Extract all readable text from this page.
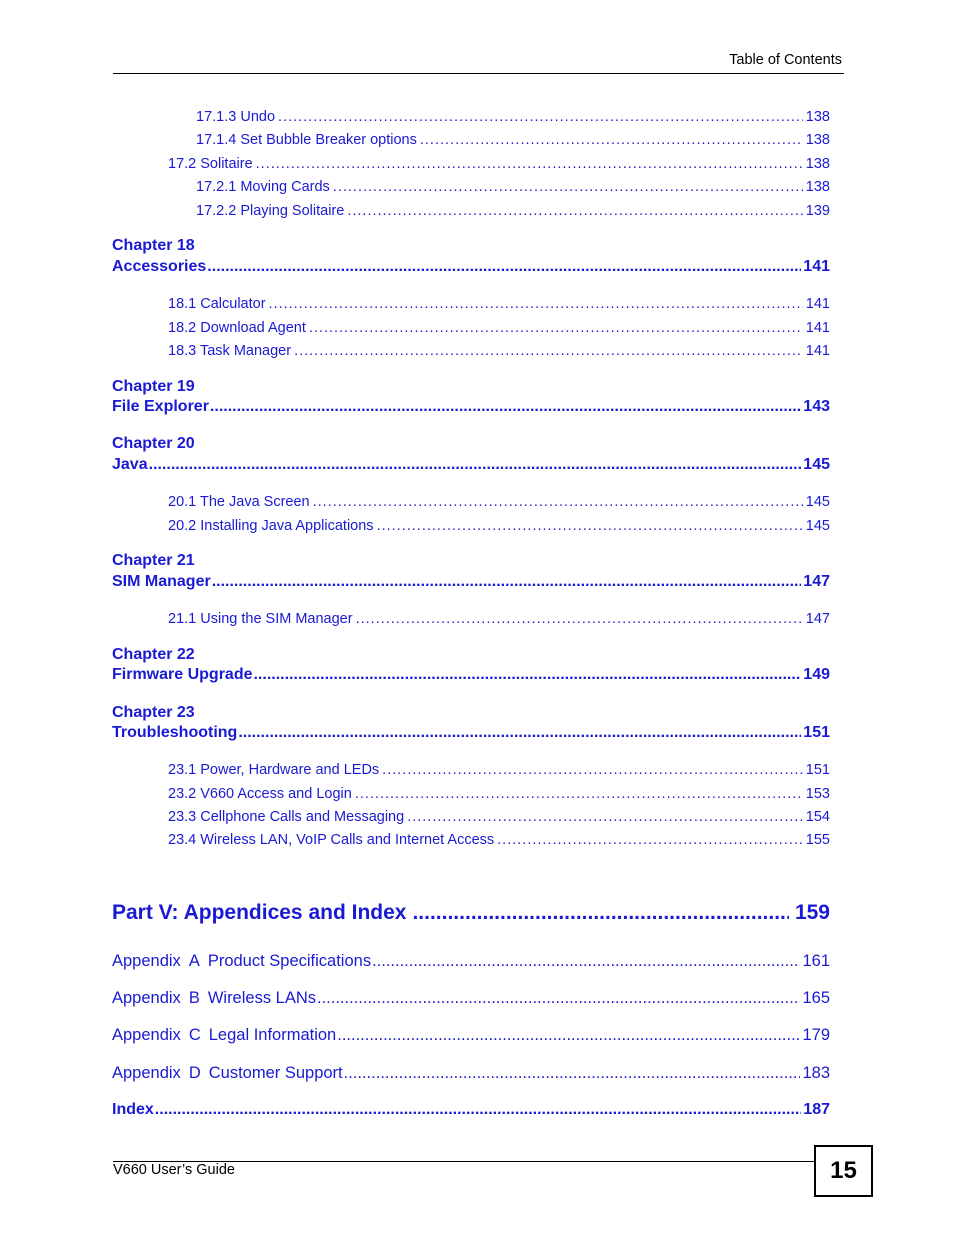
Table of Contents
17.1.3 Undo .....	138
17.1.4 Set Bubble Breaker options .....	138
17.2 Solitaire .....	138
17.2.1 Moving Cards .....	138
17.2.2 Playing Solitaire .....	139
Chapter 18
Accessories .....	141
18.1 Calculator .....	141
18.2 Download Agent .....	141
18.3 Task Manager .....	141
Chapter 19
File Explorer .....	143
Chapter 20
Java .....	145
20.1 The Java Screen .....	145
20.2 Installing Java Applications .....	145
Chapter 21
SIM Manager .....	147
21.1 Using the SIM Manager .....	147
Chapter 22
Firmware Upgrade .....	149
Chapter 23
Troubleshooting .....	151
23.1 Power, Hardware and LEDs .....	151
23.2 V660 Access and Login .....	153
23.3 Cellphone Calls and Messaging .....	154
23.4 Wireless LAN, VoIP Calls and Internet Access .....	155
Part V: Appendices and Index .....	159
Appendix A Product Specifications .....	161
Appendix B Wireless LANs .....	165
Appendix C Legal Information .....	179
Appendix D Customer Support .....	183
Index .....	187
V660 User’s Guide	15
